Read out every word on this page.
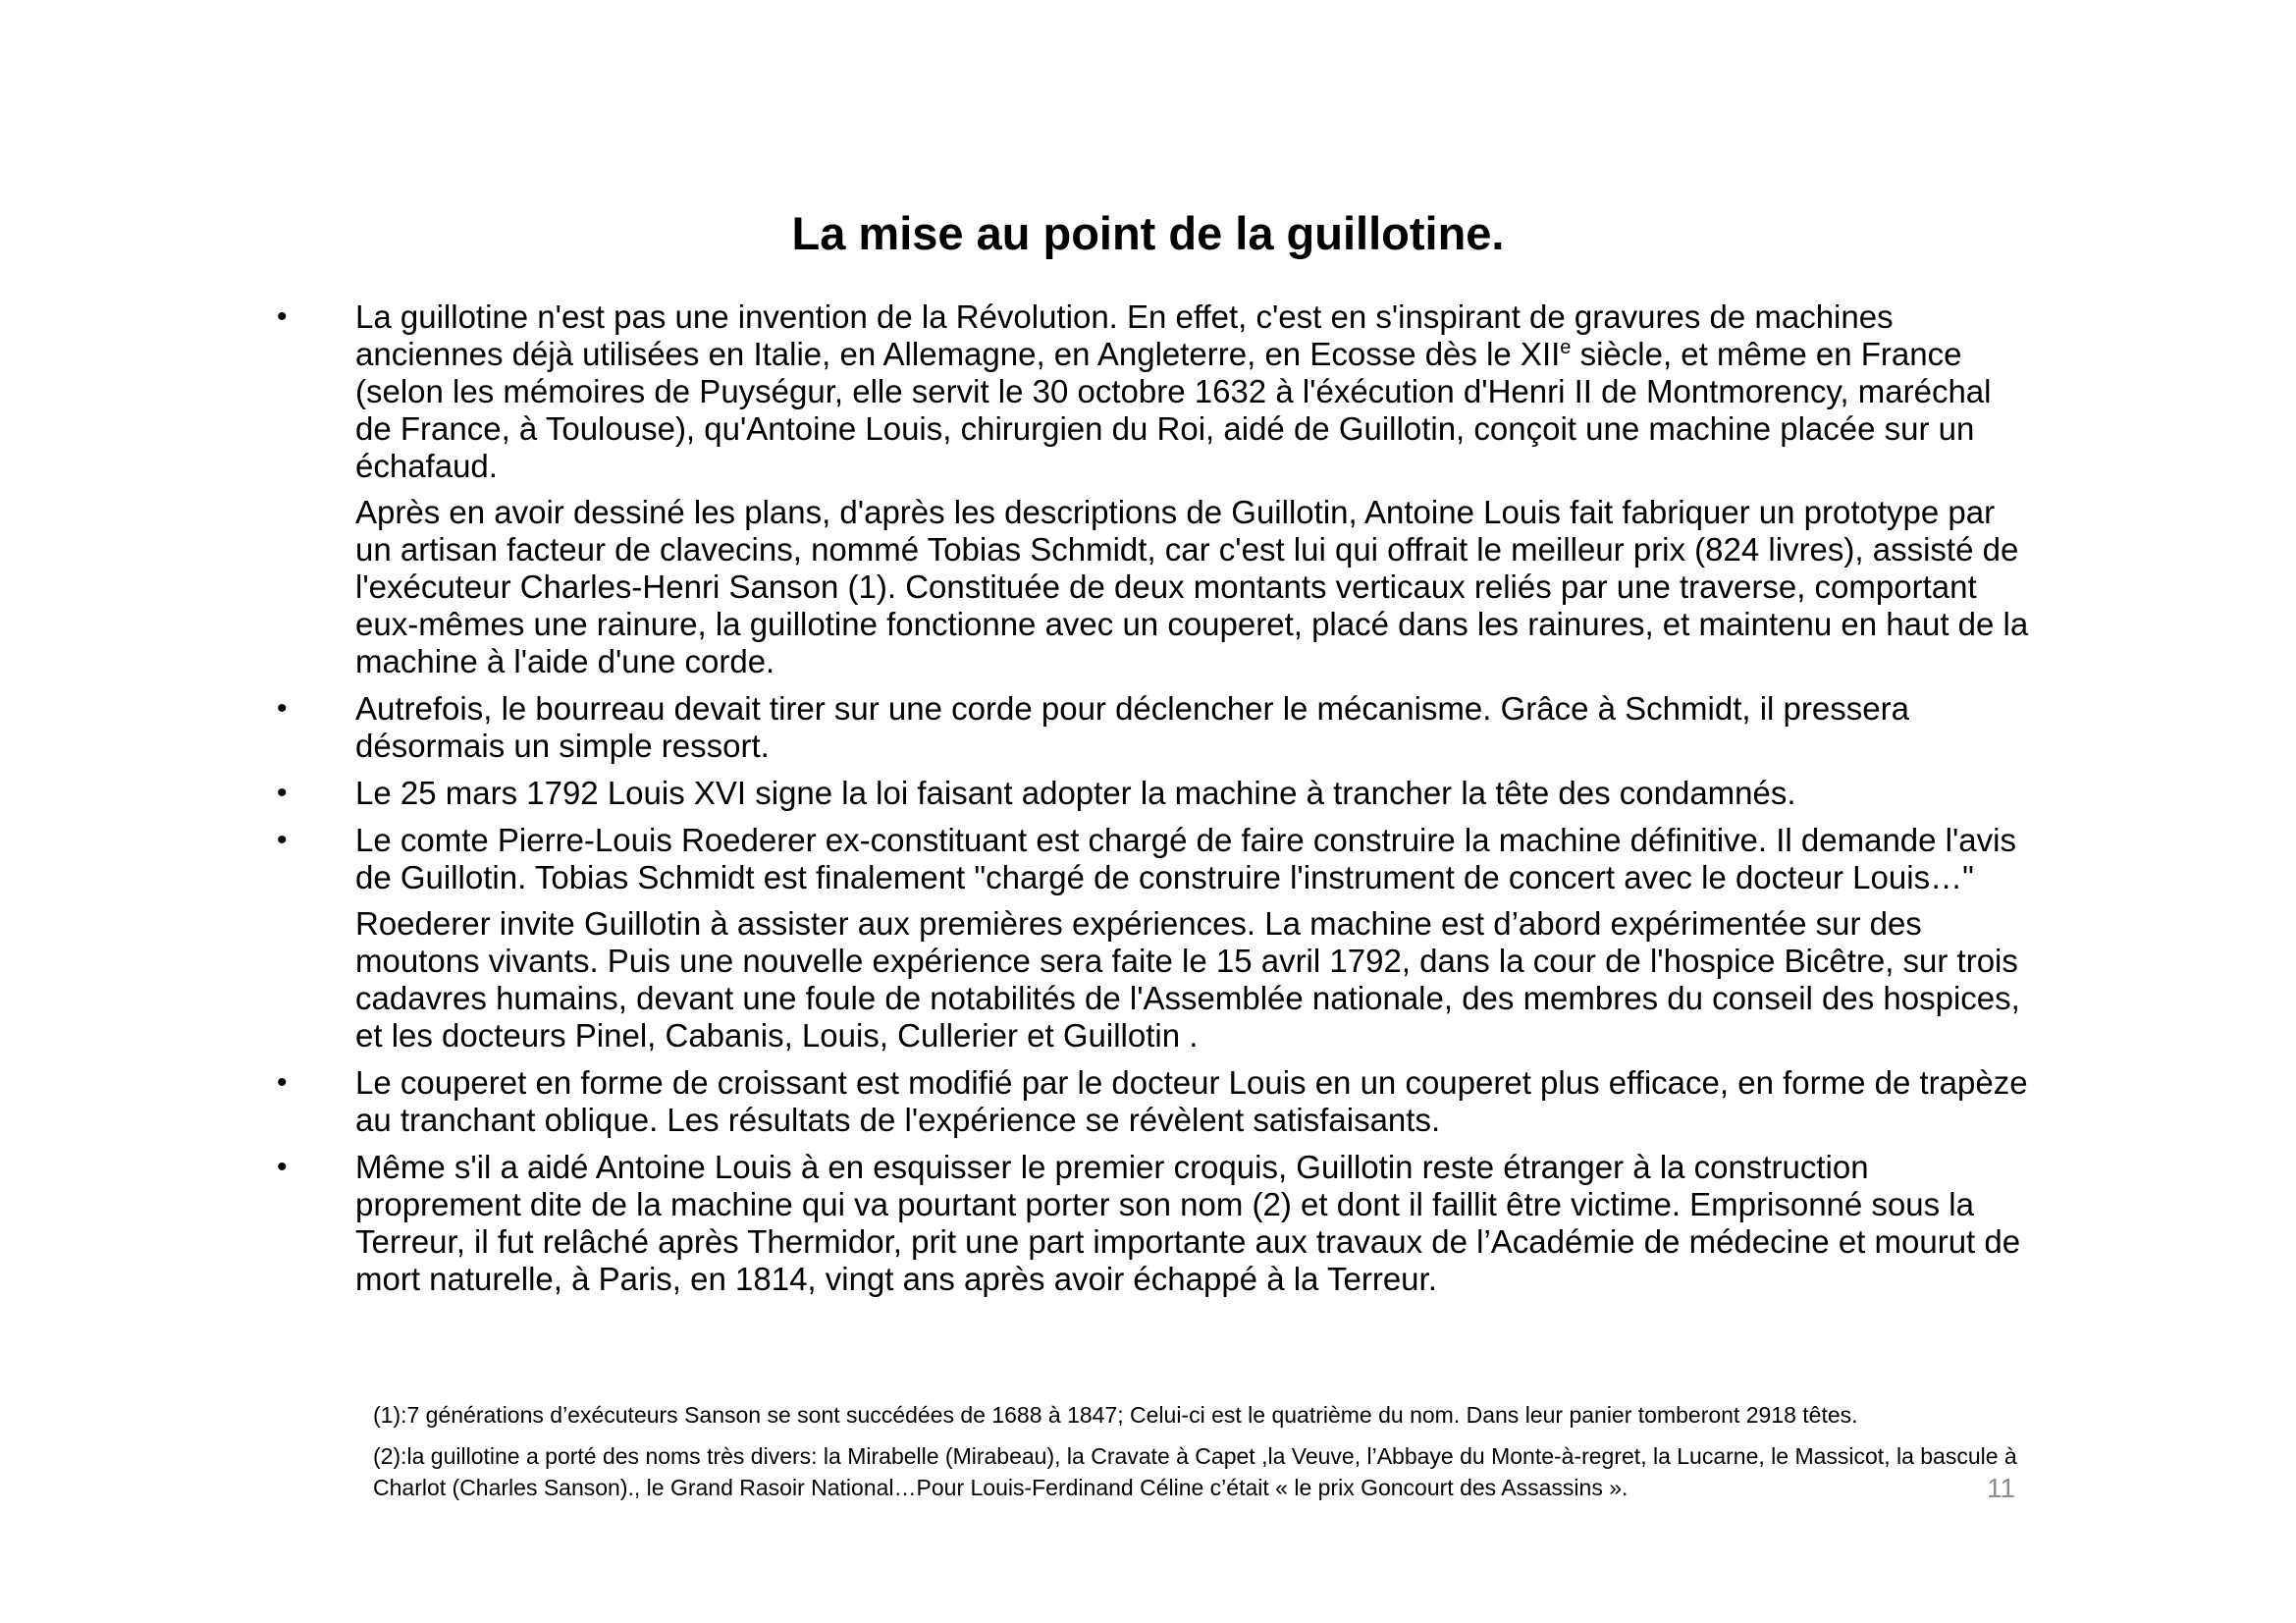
La mise au point de la guillotine.
•	La guillotine n'est pas une invention de la Révolution. En effet, c'est en s'inspirant de gravures de machines anciennes déjà utilisées en Italie, en Allemagne, en Angleterre, en Ecosse dès le XIIe siècle, et même en France (selon les mémoires de Puységur, elle servit le 30 octobre 1632 à l'éxécution d'Henri II de Montmorency, maréchal de France, à Toulouse), qu'Antoine Louis, chirurgien du Roi, aidé de Guillotin, conçoit une machine placée sur un échafaud.

Après en avoir dessiné les plans, d'après les descriptions de Guillotin, Antoine Louis fait fabriquer un prototype par un artisan facteur de clavecins, nommé Tobias Schmidt, car c'est lui qui offrait le meilleur prix (824 livres), assisté de l'exécuteur Charles-Henri Sanson (1). Constituée de deux montants verticaux reliés par une traverse, comportant eux-mêmes une rainure, la guillotine fonctionne avec un couperet, placé dans les rainures, et maintenu en haut de la machine à l'aide d'une corde.

•	Autrefois, le bourreau devait tirer sur une corde pour déclencher le mécanisme. Grâce à Schmidt, il pressera désormais un simple ressort.

•	Le 25 mars 1792 Louis XVI signe la loi faisant adopter la machine à trancher la tête des condamnés.

•	Le comte Pierre-Louis Roederer ex-constituant est chargé de faire construire la machine définitive. Il demande l'avis de Guillotin. Tobias Schmidt est finalement "chargé de construire l'instrument de concert avec le docteur Louis…"

Roederer invite Guillotin à assister aux premières expériences. La machine est d’abord expérimentée sur des moutons vivants. Puis une nouvelle expérience sera faite le 15 avril 1792, dans la cour de l'hospice Bicêtre, sur trois cadavres humains, devant une foule de notabilités de l'Assemblée nationale, des membres du conseil des hospices, et les docteurs Pinel, Cabanis, Louis, Cullerier et Guillotin .

•	Le couperet en forme de croissant est modifié par le docteur Louis en un couperet plus efficace, en forme de trapèze au tranchant oblique. Les résultats de l'expérience se révèlent satisfaisants.

•	Même s'il a aidé Antoine Louis à en esquisser le premier croquis, Guillotin reste étranger à la construction proprement dite de la machine qui va pourtant porter son nom (2) et dont il faillit être victime. Emprisonné sous la Terreur, il fut relâché après Thermidor, prit une part importante aux travaux de l’Académie de médecine et mourut de mort naturelle, à Paris, en 1814, vingt ans après avoir échappé à la Terreur.

(1):7 générations d’exécuteurs Sanson se sont succédées de 1688 à 1847; Celui-ci est le quatrième du nom. Dans leur panier tomberont 2918 têtes.

(2):la guillotine a porté des noms très divers: la Mirabelle (Mirabeau), la Cravate à Capet ,la Veuve, l’Abbaye du Monte-à-regret, la Lucarne, le Massicot, la bascule à Charlot (Charles Sanson)., le Grand Rasoir National…Pour Louis-Ferdinand Céline c’était « le prix Goncourt des Assassins ».	11
